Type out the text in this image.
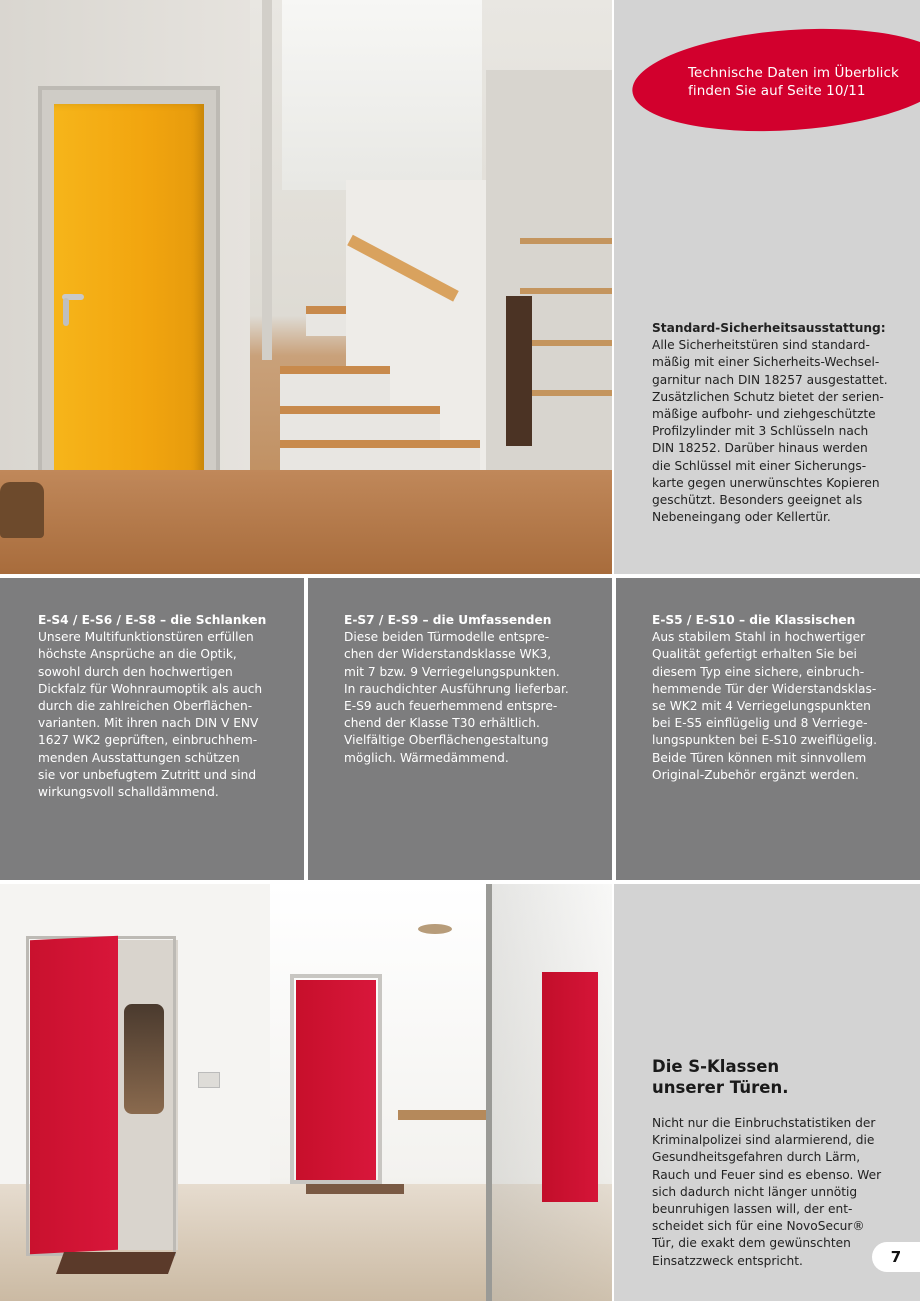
Technische Daten im Überblick
finden Sie auf Seite 10/11
Standard-Sicherheitsausstattung:

Alle Sicherheitstüren sind standard-
mäßig mit einer Sicherheits-Wechsel-
garnitur nach DIN 18257 ausgestattet.
Zusätzlichen Schutz bietet der serien-
mäßige aufbohr- und ziehgeschützte
Profilzylinder mit 3 Schlüsseln nach
DIN 18252. Darüber hinaus werden
die Schlüssel mit einer Sicherungs-
karte gegen unerwünschtes Kopieren
geschützt. Besonders geeignet als
Nebeneingang oder Kellertür.

E-S4 / E-S6 / E-S8 – die Schlanken

Unsere Multifunktionstüren erfüllen
höchste Ansprüche an die Optik,
sowohl durch den hochwertigen
Dickfalz für Wohnraumoptik als auch
durch die zahlreichen Oberflächen-
varianten. Mit ihren nach DIN V ENV
1627 WK2 geprüften, einbruchhem-
menden Ausstattungen schützen
sie vor unbefugtem Zutritt und sind
wirkungsvoll schalldämmend.

E-S7 / E-S9 – die Umfassenden

Diese beiden Türmodelle entspre-
chen der Widerstandsklasse WK3,
mit 7 bzw. 9 Verriegelungspunkten.
In rauchdichter Ausführung lieferbar.
E-S9 auch feuerhemmend entspre-
chend der Klasse T30 erhältlich.
Vielfältige Oberflächengestaltung
möglich. Wärmedämmend.

E-S5 / E-S10 – die Klassischen

Aus stabilem Stahl in hochwertiger
Qualität gefertigt erhalten Sie bei
diesem Typ eine sichere, einbruch-
hemmende Tür der Widerstandsklas-
se WK2 mit 4 Verriegelungspunkten
bei E-S5 einflügelig und 8 Verriege-
lungspunkten bei E-S10 zweiflügelig.
Beide Türen können mit sinnvollem
Original-Zubehör ergänzt werden.

Die S-Klassen
unserer Türen.
Nicht nur die Einbruchstatistiken der
Kriminalpolizei sind alarmierend, die
Gesundheitsgefahren durch Lärm,
Rauch und Feuer sind es ebenso. Wer
sich dadurch nicht länger unnötig
beunruhigen lassen will, der ent-
scheidet sich für eine NovoSecur®
Tür, die exakt dem gewünschten
Einsatzzweck entspricht.	7
